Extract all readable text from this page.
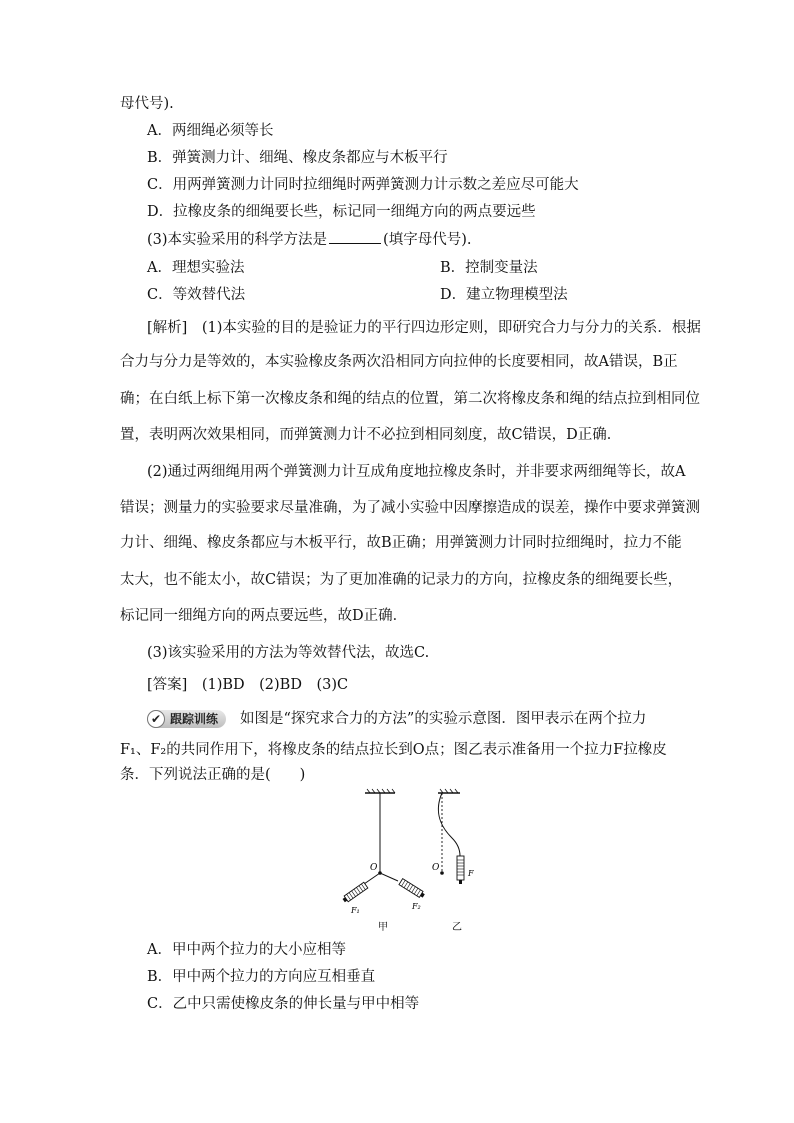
母代号).
A．两细绳必须等长
B．弹簧测力计、细绳、橡皮条都应与木板平行
C．用两弹簧测力计同时拉细绳时两弹簧测力计示数之差应尽可能大
D．拉橡皮条的细绳要长些，标记同一细绳方向的两点要远些
(3)本实验采用的科学方法是	(填字母代号).
A．理想实验法	B．控制变量法
C．等效替代法	D．建立物理模型法
[解析]　(1)本实验的目的是验证力的平行四边形定则，即研究合力与分力的关系．根据
合力与分力是等效的，本实验橡皮条两次沿相同方向拉伸的长度要相同，故A错误，B正
确；在白纸上标下第一次橡皮条和绳的结点的位置，第二次将橡皮条和绳的结点拉到相同位
置，表明两次效果相同，而弹簧测力计不必拉到相同刻度，故C错误，D正确．
(2)通过两细绳用两个弹簧测力计互成角度地拉橡皮条时，并非要求两细绳等长，故A
错误；测量力的实验要求尽量准确，为了减小实验中因摩擦造成的误差，操作中要求弹簧测
力计、细绳、橡皮条都应与木板平行，故B正确；用弹簧测力计同时拉细绳时，拉力不能
太大，也不能太小，故C错误；为了更加准确的记录力的方向，拉橡皮条的细绳要长些，
标记同一细绳方向的两点要远些，故D正确．
(3)该实验采用的方法为等效替代法，故选C.
[答案]　(1)BD　(2)BD　(3)C
✔ 跟踪训练 如图是“探究求合力的方法”的实验示意图．图甲表示在两个拉力
F₁、F₂的共同作用下，将橡皮条的结点拉长到O点；图乙表示准备用一个拉力F拉橡皮
条．下列说法正确的是(　　)
O
F₁	F₂
甲
O
F
乙
A．甲中两个拉力的大小应相等
B．甲中两个拉力的方向应互相垂直
C．乙中只需使橡皮条的伸长量与甲中相等
